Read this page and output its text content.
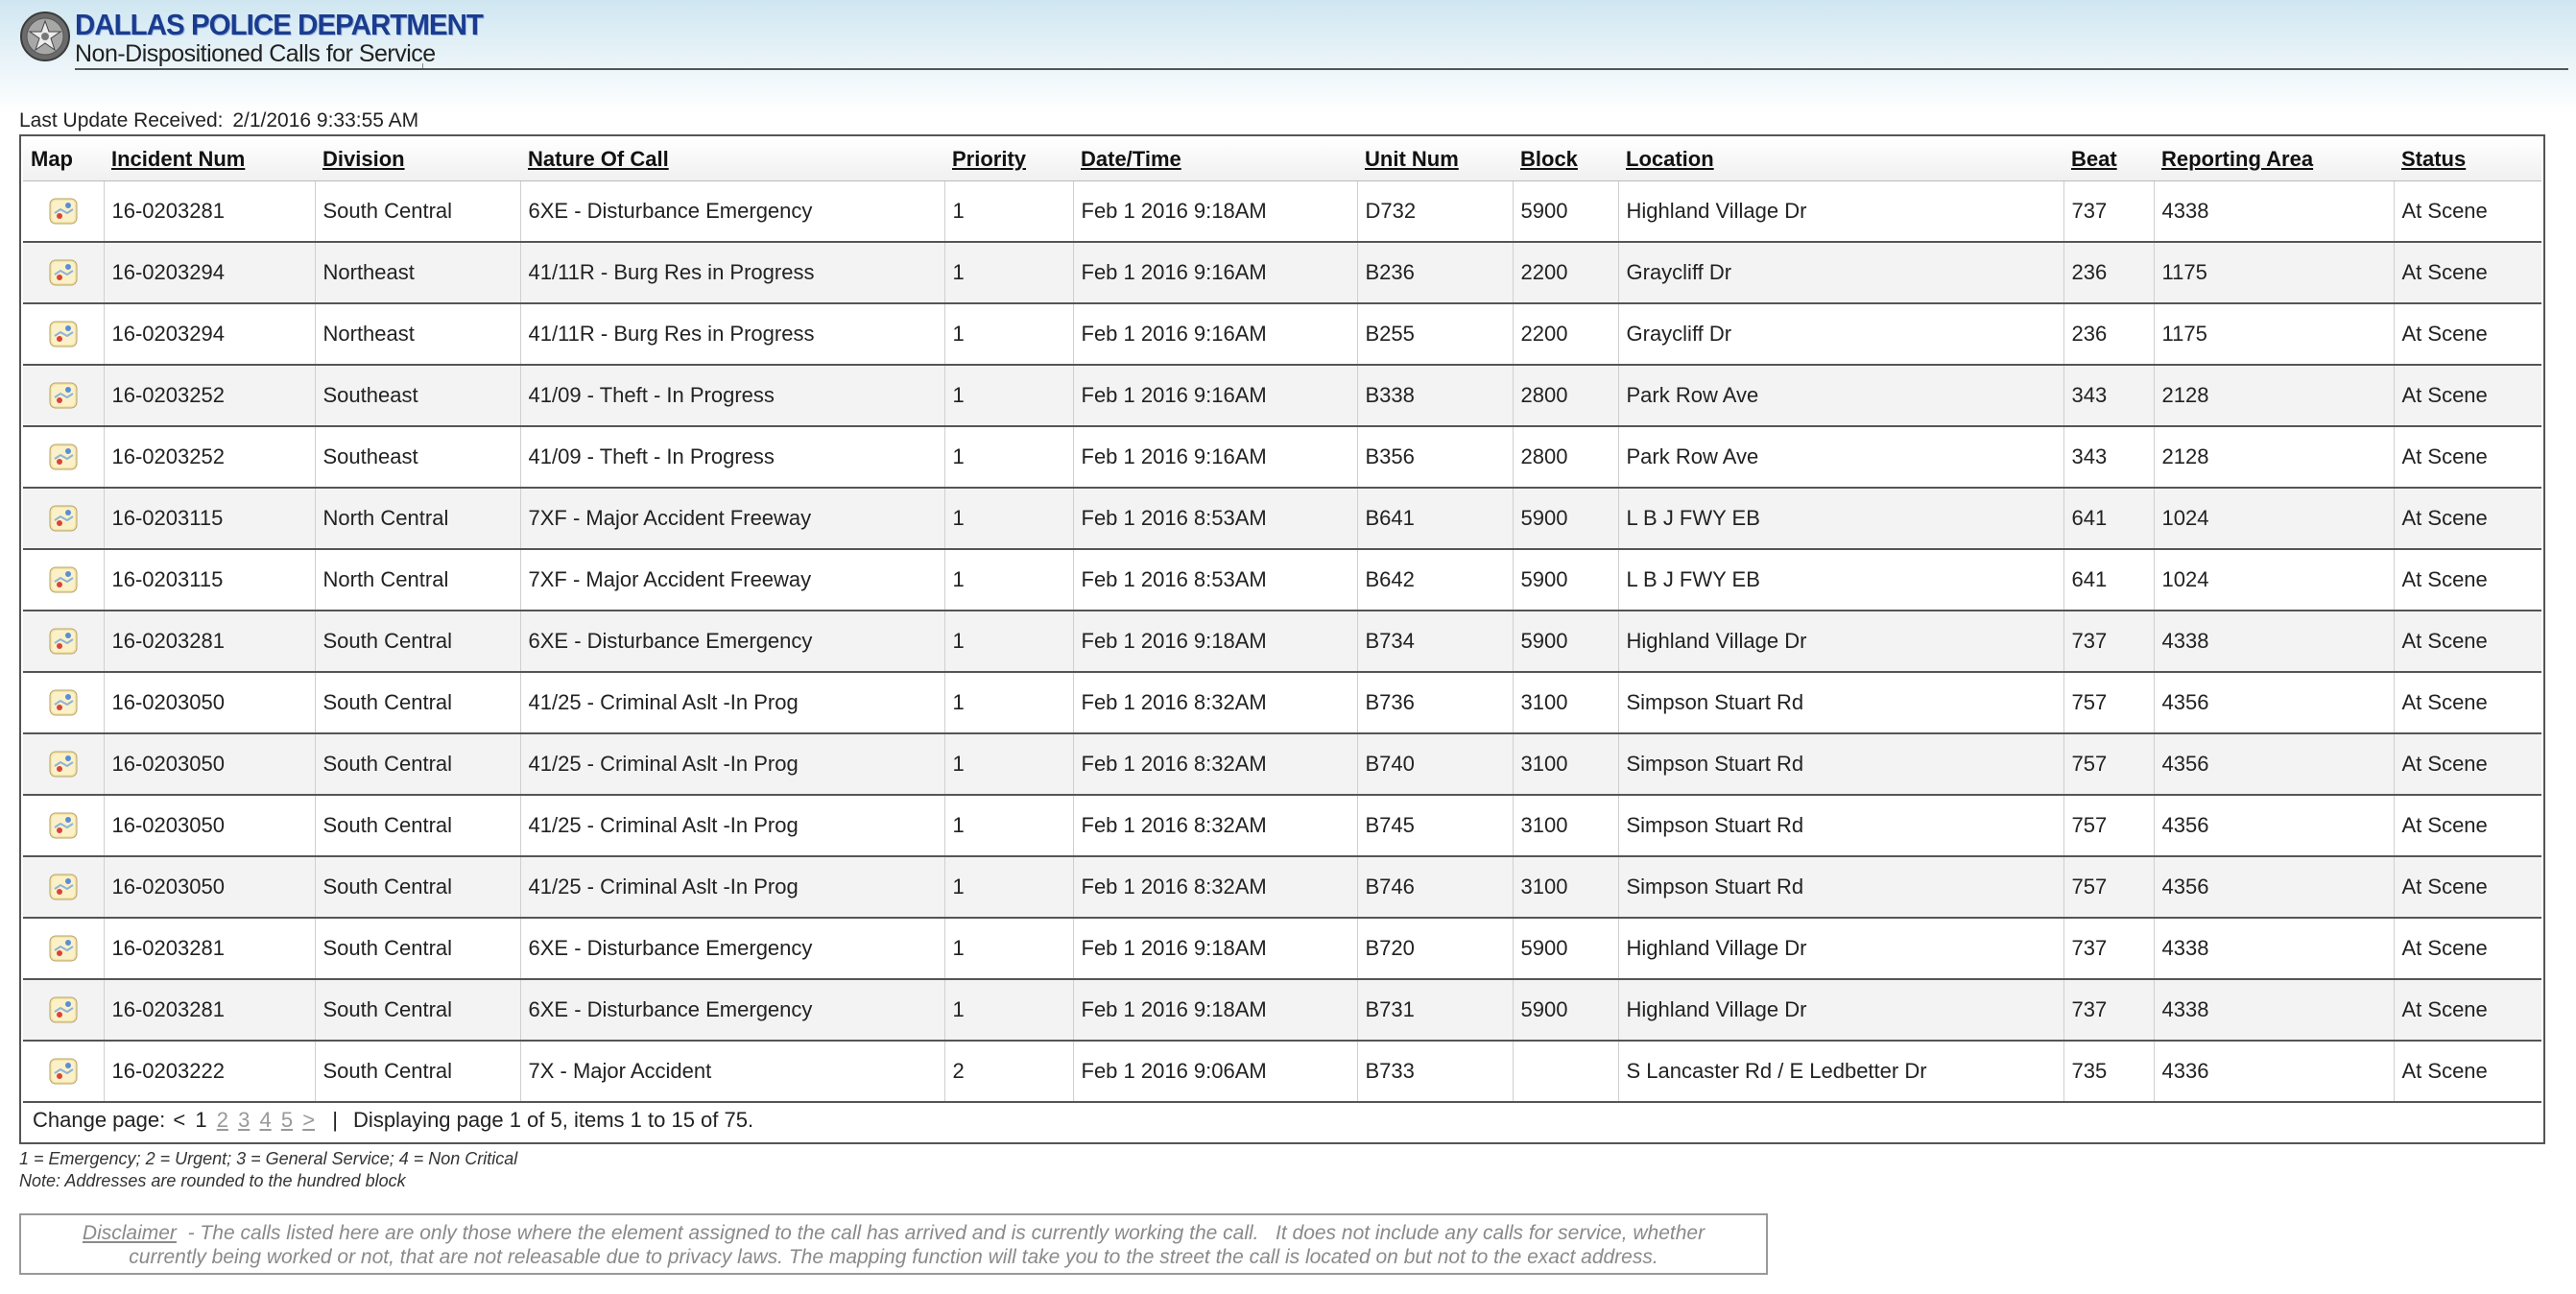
DALLAS POLICE DEPARTMENT
Non-Dispositioned Calls for Service
Last Update Received: 2/1/2016 9:33:55 AM
Map	Incident Num	Division	Nature Of Call	Priority	Date/Time	Unit Num	Block	Location	Beat	Reporting Area	Status
	16-0203281	South Central	6XE - Disturbance Emergency	1	Feb 1 2016 9:18AM	D732	5900	Highland Village Dr	737	4338	At Scene
	16-0203294	Northeast	41/11R - Burg Res in Progress	1	Feb 1 2016 9:16AM	B236	2200	Graycliff Dr	236	1175	At Scene
	16-0203294	Northeast	41/11R - Burg Res in Progress	1	Feb 1 2016 9:16AM	B255	2200	Graycliff Dr	236	1175	At Scene
	16-0203252	Southeast	41/09 - Theft - In Progress	1	Feb 1 2016 9:16AM	B338	2800	Park Row Ave	343	2128	At Scene
	16-0203252	Southeast	41/09 - Theft - In Progress	1	Feb 1 2016 9:16AM	B356	2800	Park Row Ave	343	2128	At Scene
	16-0203115	North Central	7XF - Major Accident Freeway	1	Feb 1 2016 8:53AM	B641	5900	L B J FWY EB	641	1024	At Scene
	16-0203115	North Central	7XF - Major Accident Freeway	1	Feb 1 2016 8:53AM	B642	5900	L B J FWY EB	641	1024	At Scene
	16-0203281	South Central	6XE - Disturbance Emergency	1	Feb 1 2016 9:18AM	B734	5900	Highland Village Dr	737	4338	At Scene
	16-0203050	South Central	41/25 - Criminal Aslt -In Prog	1	Feb 1 2016 8:32AM	B736	3100	Simpson Stuart Rd	757	4356	At Scene
	16-0203050	South Central	41/25 - Criminal Aslt -In Prog	1	Feb 1 2016 8:32AM	B740	3100	Simpson Stuart Rd	757	4356	At Scene
	16-0203050	South Central	41/25 - Criminal Aslt -In Prog	1	Feb 1 2016 8:32AM	B745	3100	Simpson Stuart Rd	757	4356	At Scene
	16-0203050	South Central	41/25 - Criminal Aslt -In Prog	1	Feb 1 2016 8:32AM	B746	3100	Simpson Stuart Rd	757	4356	At Scene
	16-0203281	South Central	6XE - Disturbance Emergency	1	Feb 1 2016 9:18AM	B720	5900	Highland Village Dr	737	4338	At Scene
	16-0203281	South Central	6XE - Disturbance Emergency	1	Feb 1 2016 9:18AM	B731	5900	Highland Village Dr	737	4338	At Scene
	16-0203222	South Central	7X - Major Accident	2	Feb 1 2016 9:06AM	B733		S Lancaster Rd / E Ledbetter Dr	735	4336	At Scene
Change page: < 1 2 3 4 5 > | Displaying page 1 of 5, items 1 to 15 of 75.
1 = Emergency; 2 = Urgent; 3 = General Service; 4 = Non Critical
Note: Addresses are rounded to the hundred block
Disclaimer  - The calls listed here are only those where the element assigned to the call has arrived and is currently working the call.   It does not include any calls for service, whether
currently being worked or not, that are not releasable due to privacy laws. The mapping function will take you to the street the call is located on but not to the exact address.
